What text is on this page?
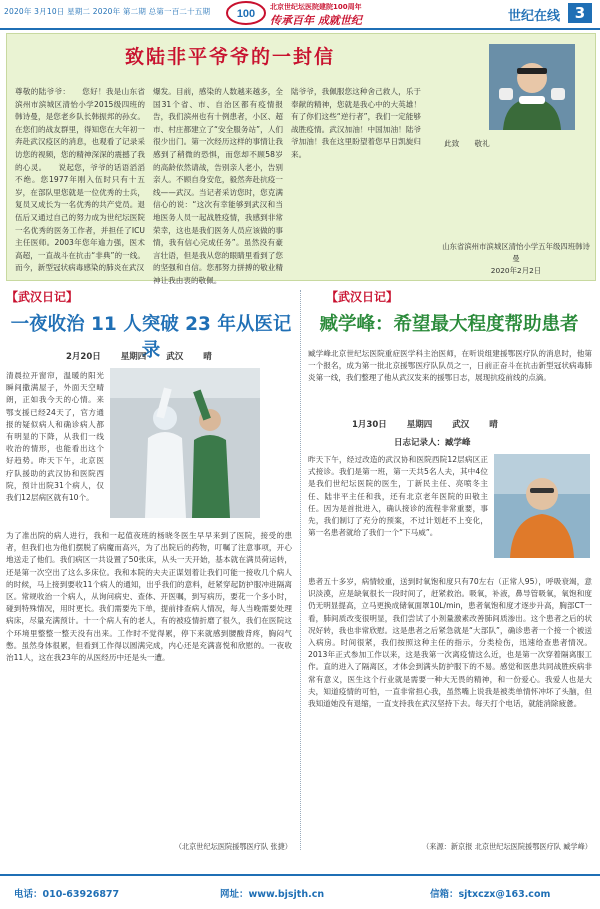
2020年 3月10日 星期二 2020年 第二期 总第一百二十五期 100
北京世纪坛医院建院100周年
传承百年 成就世纪	世纪在线 3
致陆非平爷爷的一封信
尊敬的陆爷爷：　　您好！我是山东省滨州市滨城区清怡小学2015级四班的韩诗曼，是您老乡队长韩振邦的孙女。在您们的战友群里，得知您在大年初一奔赴武汉疫区的消息，也观看了记录采访您的视频，您的精神深深的震撼了我的心灵。　　说起您，爷爷的话语滔滔不绝。您1977年刚入伍时只有十五岁，在部队里您就是一位优秀的士兵，复员又成长为一名优秀的共产党员。退伍后又通过自己的努力成为世纪坛医院一名优秀的医务工作者，并担任了ICU主任医师。2003年您年逾力强，医术高超，一直战斗在抗击“非典”的一线。而今，新型冠状病毒感染的肺炎在武汉
爆发。目前，感染的人数越来越多，全国31个省、市、自治区都有疫情报告，我们滨州也有十例患者，小区、超市、村庄都建立了“安全服务站”，人们很少出门。第一次经历这样的事情让我感到了稍微的恐惧，而您却不顾58岁的高龄依然请战，告别亲人老小，告别亲人。不顾自身安危，毅然奔赴抗疫一线——武汉。当记者采访您时，您克满信心的说：“这次有幸能够到武汉和当地医务人员一起战胜疫情，我感到非常荣幸，这也是我们医务人员应该做的事情，我有信心完成任务”。虽然没有豪言壮语，但是我从您的眼睛里看到了您的坚强和自信。您那努力拼搏的敬业精神让我由衷的敬佩。
陆爷爷，我佩服您这种舍己救人，乐于奉献的精神，您就是我心中的大英雄！有了你们这些“逆行者”，我们一定能够战胜疫情。武汉加油！中国加油！陆爷爷加油！我在这里盼望着您早日凯旋归来。
　　此致　　敬礼
山东省滨州市滨城区清怡小学五年级四班韩诗曼
2020年2月2日
【武汉日记】
一夜收治 11 人突破 23 年从医记录
2月20日　　 星期四　　 武汉　　 晴
清晨拉开窗帘，温暖的阳光瞬间撒满屋子，外面天空晴朗，正如我今天的心情。来鄂支援已经24天了，官方通报的疑似病人和确诊病人都有明显的下降，从我们一线收治的情形，也能看出这个好趋势。昨天下午，北京医疗队援助的武汉协和医院西院，预计出院31个病人，仅我们12层病区就有10个。
为了准出院的病人进行，我和一起值夜班的杨晓冬医生早早来到了医院，接受的患者，但我们也为他们摆脱了病魔而高兴，为了出院后的药物，叮嘱了注意事项，开心地送走了他们。我们病区一共设置了50张床，从头一天开始，基本就在满员荷运转，还是第一次空出了这么多床位。我和本院的夫夫正谋划着让我们可能一接收几个病人的时候，马上接到要收11个病人的通知，出乎我们的意料，赶紧穿起防护服冲进隔离区。常规收治一个病人，从询问病史、查体、开医嘱，到写病历，要花一个多小时，碰到特殊情况，用时更长。我们需要先下单，提前排查病人情况，每人当晚需要处理病床，尽量充满预计。十一个病人有的老人，有的被疫情折磨了很久，我们在医院这个环境里整整一整天没有出来。工作时不觉得累，停下来就感到腰酸背疼，胸闷气憋。虽然身体很累，但看到工作得以圆满完成，内心还是充满喜悦和欣慰的。一夜收治11人，这在我23年的从医经历中还是头一遭。
（北京世纪坛医院援鄂医疗队 张捷）
【武汉日记】
臧学峰：希望最大程度帮助患者
臧学峰北京世纪坛医院重症医学科主治医师，在听说组建援鄂医疗队的消息时，他第一个报名，成为第一批北京援鄂医疗队队员之一，日前正奋斗在抗击新型冠状病毒肺炎第一线，我们整理了他从武汉发来的援鄂日志，展现抗疫前线的点滴。
1月30日　　 星期四　　 武汉　　 晴
日志记录人：臧学峰
昨天下午，经过改造的武汉协和医院西院12层病区正式接诊。我们是第一班，第一天共5名人夫，其中4位是我们世纪坛医院的医生，丁新民主任、亮喷冬主任、陆非平主任和我，还有北京老年医院的田敬主任。因为是首批进入，确认接诊的流程非常重要，事先，我们制订了充分的预案，不过计划赶不上变化，第一名患者就给了我们一个“下马威”。
患者五十多岁，病情较重，送到时氧饱和度只有70左右（正常人95），呼吸衰竭，意识淡漠，应是缺氧很长一段时间了，赶紧救治。吸氧，补液，鼻导管吸氧，氧饱和度仍无明显提高，立马更换成储氧面罩10L/min，患者氧饱和度才逐步升高，胸部CT一看，肺间质改变很明显，我们尝试了小剂量激素改善肺间质渗出。这个患者之后的状况好转，我也非常欣慰。这是患者之后紧急就是“大部队”，确诊患者一个接一个被送入病房。时间很紧，我们按照这种主任的指示，分类检伤，迅速给查患者情况。2013年正式参加工作以来，这是我第一次离疫情这么近，也是第一次穿着隔离服工作。直的进入了隔离区，才体会到满头防护服下的不易。感觉和医患共同战胜疾病非常有意义，医生这个行业就是需要一种大无畏的精神，和一份爱心。我爱人也是大夫，知道疫情的可怕，一直非常担心我，虽然嘴上说我是被类单情怀冲坏了头脑，但我知道她没有退缩，一直支持我在武汉坚持下去。每天打个电话，就能消除疲惫。
（来源：新京报 北京世纪坛医院援鄂医疗队 臧学峰）
电话：010-63926877	网址：www.bjsjth.cn	信箱：sjtxczx@163.com
